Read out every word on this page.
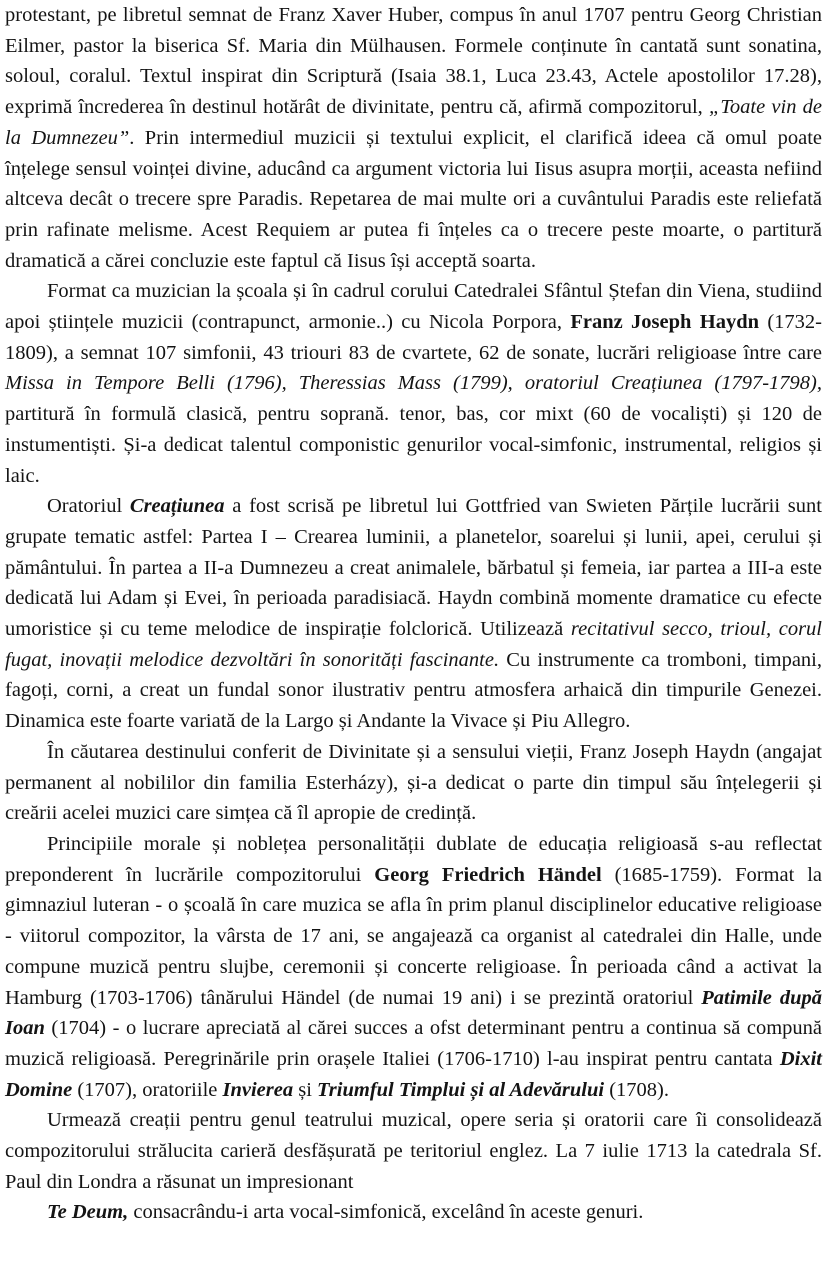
protestant, pe libretul semnat de Franz Xaver Huber, compus în anul 1707 pentru Georg Christian Eilmer, pastor la biserica Sf. Maria din Mülhausen. Formele conținute în cantată sunt sonatina, soloul, coralul. Textul inspirat din Scriptură (Isaia 38.1, Luca 23.43, Actele apostolilor 17.28), exprimă încrederea în destinul hotărât de divinitate, pentru că, afirmă compozitorul, „Toate vin de la Dumnezeu”. Prin intermediul muzicii și textului explicit, el clarifică ideea că omul poate înțelege sensul voinței divine, aducând ca argument victoria lui Iisus asupra morții, aceasta nefiind altceva decât o trecere spre Paradis. Repetarea de mai multe ori a cuvântului Paradis este reliefată prin rafinate melisme. Acest Requiem ar putea fi înțeles ca o trecere peste moarte, o partitură dramatică a cărei concluzie este faptul că Iisus își acceptă soarta.

Format ca muzician la școala și în cadrul corului Catedralei Sfântul Ștefan din Viena, studiind apoi științele muzicii (contrapunct, armonie..) cu Nicola Porpora, Franz Joseph Haydn (1732-1809), a semnat 107 simfonii, 43 triouri 83 de cvartete, 62 de sonate, lucrări religioase între care Missa in Tempore Belli (1796), Theressias Mass (1799), oratoriul Creațiunea (1797-1798), partitură în formulă clasică, pentru soprană. tenor, bas, cor mixt (60 de vocaliști) și 120 de instumentiști. Și-a dedicat talentul componistic genurilor vocal-simfonic, instrumental, religios și laic.

Oratoriul Creațiunea a fost scrisă pe libretul lui Gottfried van Swieten Părțile lucrării sunt grupate tematic astfel: Partea I – Crearea luminii, a planetelor, soarelui și lunii, apei, cerului și pământului. În partea a II-a Dumnezeu a creat animalele, bărbatul și femeia, iar partea a III-a este dedicată lui Adam și Evei, în perioada paradisiacă. Haydn combină momente dramatice cu efecte umoristice și cu teme melodice de inspirație folclorică. Utilizează recitativul secco, trioul, corul fugat, inovații melodice dezvoltări în sonorități fascinante. Cu instrumente ca tromboni, timpani, fagoți, corni, a creat un fundal sonor ilustrativ pentru atmosfera arhaică din timpurile Genezei. Dinamica este foarte variată de la Largo și Andante la Vivace și Piu Allegro.

În căutarea destinului conferit de Divinitate și a sensului vieții, Franz Joseph Haydn (angajat permanent al nobililor din familia Esterházy), și-a dedicat o parte din timpul său înțelegerii și creării acelei muzici care simțea că îl apropie de credință.

Principiile morale și noblețea personalității dublate de educația religioasă s-au reflectat preponderent în lucrările compozitorului Georg Friedrich Händel (1685-1759). Format la gimnaziul luteran - o școală în care muzica se afla în prim planul disciplinelor educative religioase - viitorul compozitor, la vârsta de 17 ani, se angajează ca organist al catedralei din Halle, unde compune muzică pentru slujbe, ceremonii și concerte religioase. În perioada când a activat la Hamburg (1703-1706) tânărului Händel (de numai 19 ani) i se prezintă oratoriul Patimile după Ioan (1704) - o lucrare apreciată al cărei succes a ofst determinant pentru a continua să compună muzică religioasă. Peregrinările prin orașele Italiei (1706-1710) l-au inspirat pentru cantata Dixit Domine (1707), oratoriile Invierea și Triumful Timplui și al Adevărului (1708).

Urmează creații pentru genul teatrului muzical, opere seria și oratorii care îi consolidează compozitorului strălucita carieră desfășurată pe teritoriul englez. La 7 iulie 1713 la catedrala Sf. Paul din Londra a răsunat un impresionant

Te Deum, consacrându-i arta vocal-simfonică, excelând în aceste genuri.
